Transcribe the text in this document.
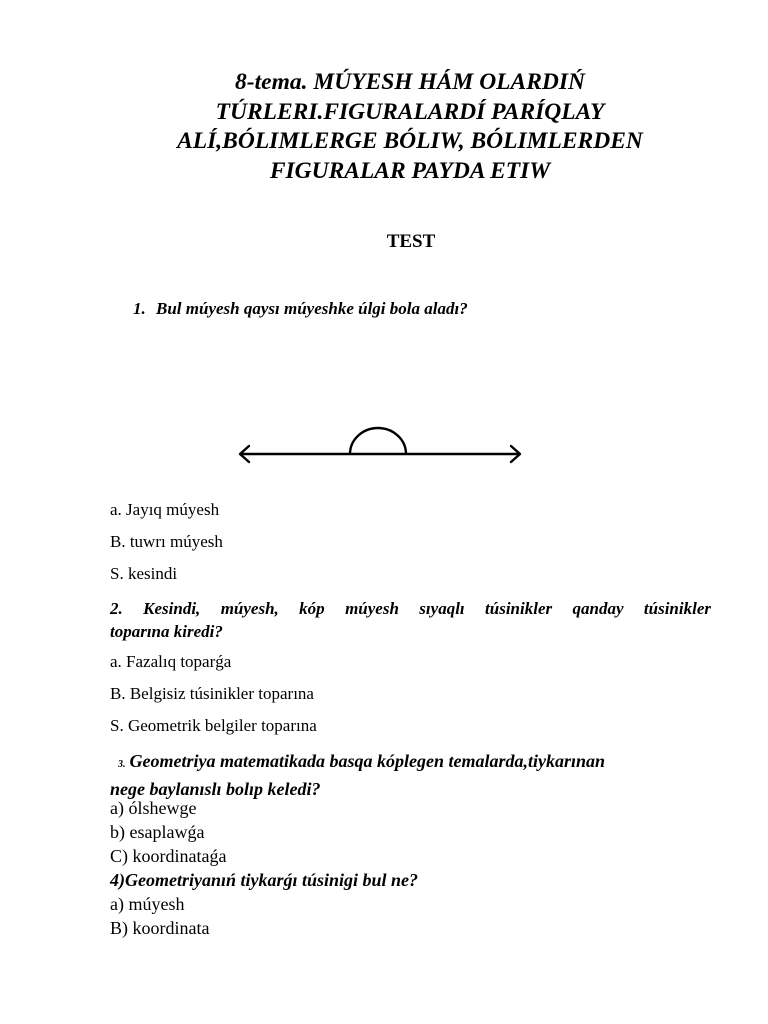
8-tema. MÚYESH HÁM OLARDIŃ
TÚRLERI.FIGURALARDÍ PARÍQLAY
ALÍ,BÓLIMLERGE BÓLIW, BÓLIMLERDEN
FIGURALAR PAYDA ETIW
TEST
1. Bul múyesh qaysı múyeshke úlgi bola aladı?
a. Jayıq múyesh
B. tuwrı múyesh
S. kesindi
2. Kesindi, múyesh, kóp múyesh sıyaqlı túsinikler qanday túsinikler
toparına kiredi?
a. Fazalıq toparǵa
B. Belgisiz túsinikler toparına
S. Geometrik belgiler toparına
3. Geometriya matematikada basqa kóplegen temalarda,tiykarınan
nege baylanıslı bolıp keledi?
a) ólshewge
b) esaplawǵa
C) koordinataǵa
4)Geometriyanıń tiykarǵı túsinigi bul ne?
a) múyesh
B) koordinata
